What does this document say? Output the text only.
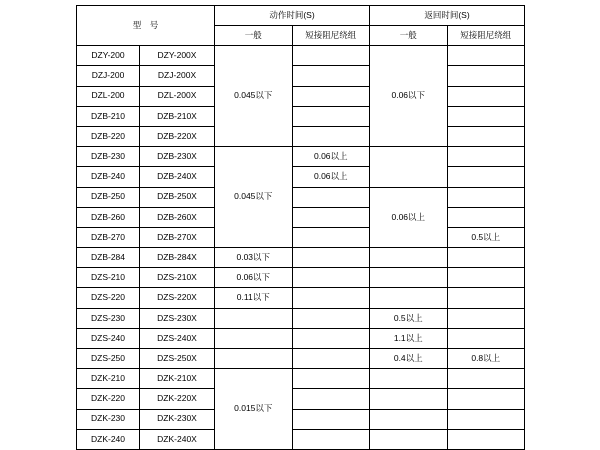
型　号		动作时间(S)		返回时间(S)	
		一般	短接阻尼绕组	一般	短接阻尼绕组
DZY-200	DZY-200X	0.045以下		0.06以下	
DZJ-200	DZJ-200X				
DZL-200	DZL-200X				
DZB-210	DZB-210X				
DZB-220	DZB-220X				
DZB-230	DZB-230X	0.045以下	0.06以上		
DZB-240	DZB-240X		0.06以上		
DZB-250	DZB-250X			0.06以上	
DZB-260	DZB-260X				
DZB-270	DZB-270X				0.5以上
DZB-284	DZB-284X	0.03以下			
DZS-210	DZS-210X	0.06以下			
DZS-220	DZS-220X	0.11以下			
DZS-230	DZS-230X			0.5以上	
DZS-240	DZS-240X			1.1以上	
DZS-250	DZS-250X			0.4以上	0.8以上
DZK-210	DZK-210X	0.015以下			
DZK-220	DZK-220X				
DZK-230	DZK-230X				
DZK-240	DZK-240X				
